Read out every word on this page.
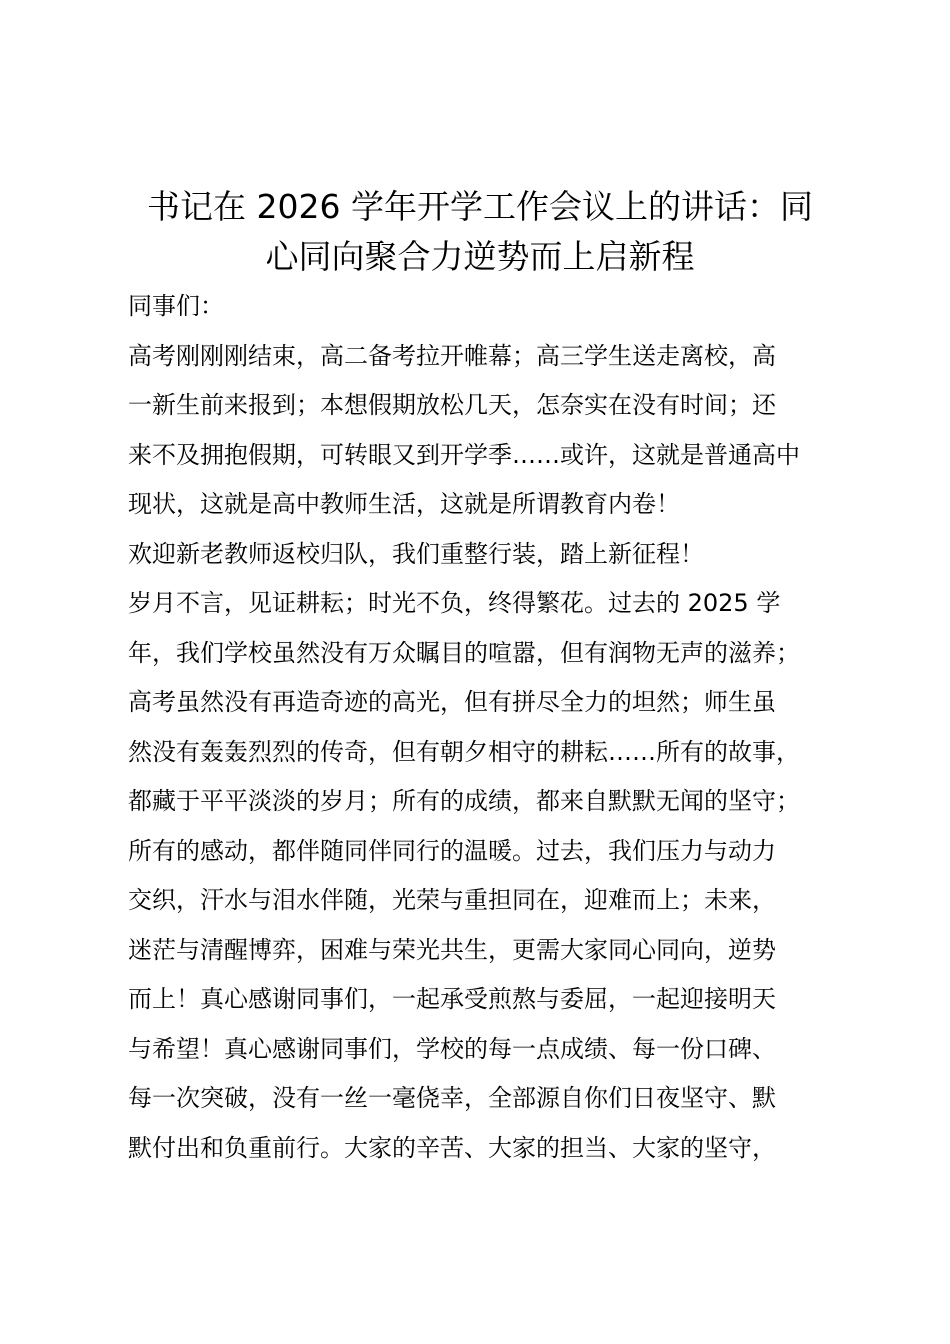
书记在 2026 学年开学工作会议上的讲话：同
心同向聚合力逆势而上启新程

同事们：

高考刚刚刚结束，高二备考拉开帷幕；高三学生送走离校，高
一新生前来报到；本想假期放松几天，怎奈实在没有时间；还
来不及拥抱假期，可转眼又到开学季……或许，这就是普通高中
现状，这就是高中教师生活，这就是所谓教育内卷！

欢迎新老教师返校归队，我们重整行装，踏上新征程！

岁月不言，见证耕耘；时光不负，终得繁花。过去的 2025 学
年，我们学校虽然没有万众瞩目的喧嚣，但有润物无声的滋养；
高考虽然没有再造奇迹的高光，但有拼尽全力的坦然；师生虽
然没有轰轰烈烈的传奇，但有朝夕相守的耕耘……所有的故事，
都藏于平平淡淡的岁月；所有的成绩，都来自默默无闻的坚守；
所有的感动，都伴随同伴同行的温暖。过去，我们压力与动力
交织，汗水与泪水伴随，光荣与重担同在，迎难而上；未来，
迷茫与清醒博弈，困难与荣光共生，更需大家同心同向，逆势
而上！真心感谢同事们，一起承受煎熬与委屈，一起迎接明天
与希望！真心感谢同事们，学校的每一点成绩、每一份口碑、
每一次突破，没有一丝一毫侥幸，全部源自你们日夜坚守、默
默付出和负重前行。大家的辛苦、大家的担当、大家的坚守，
